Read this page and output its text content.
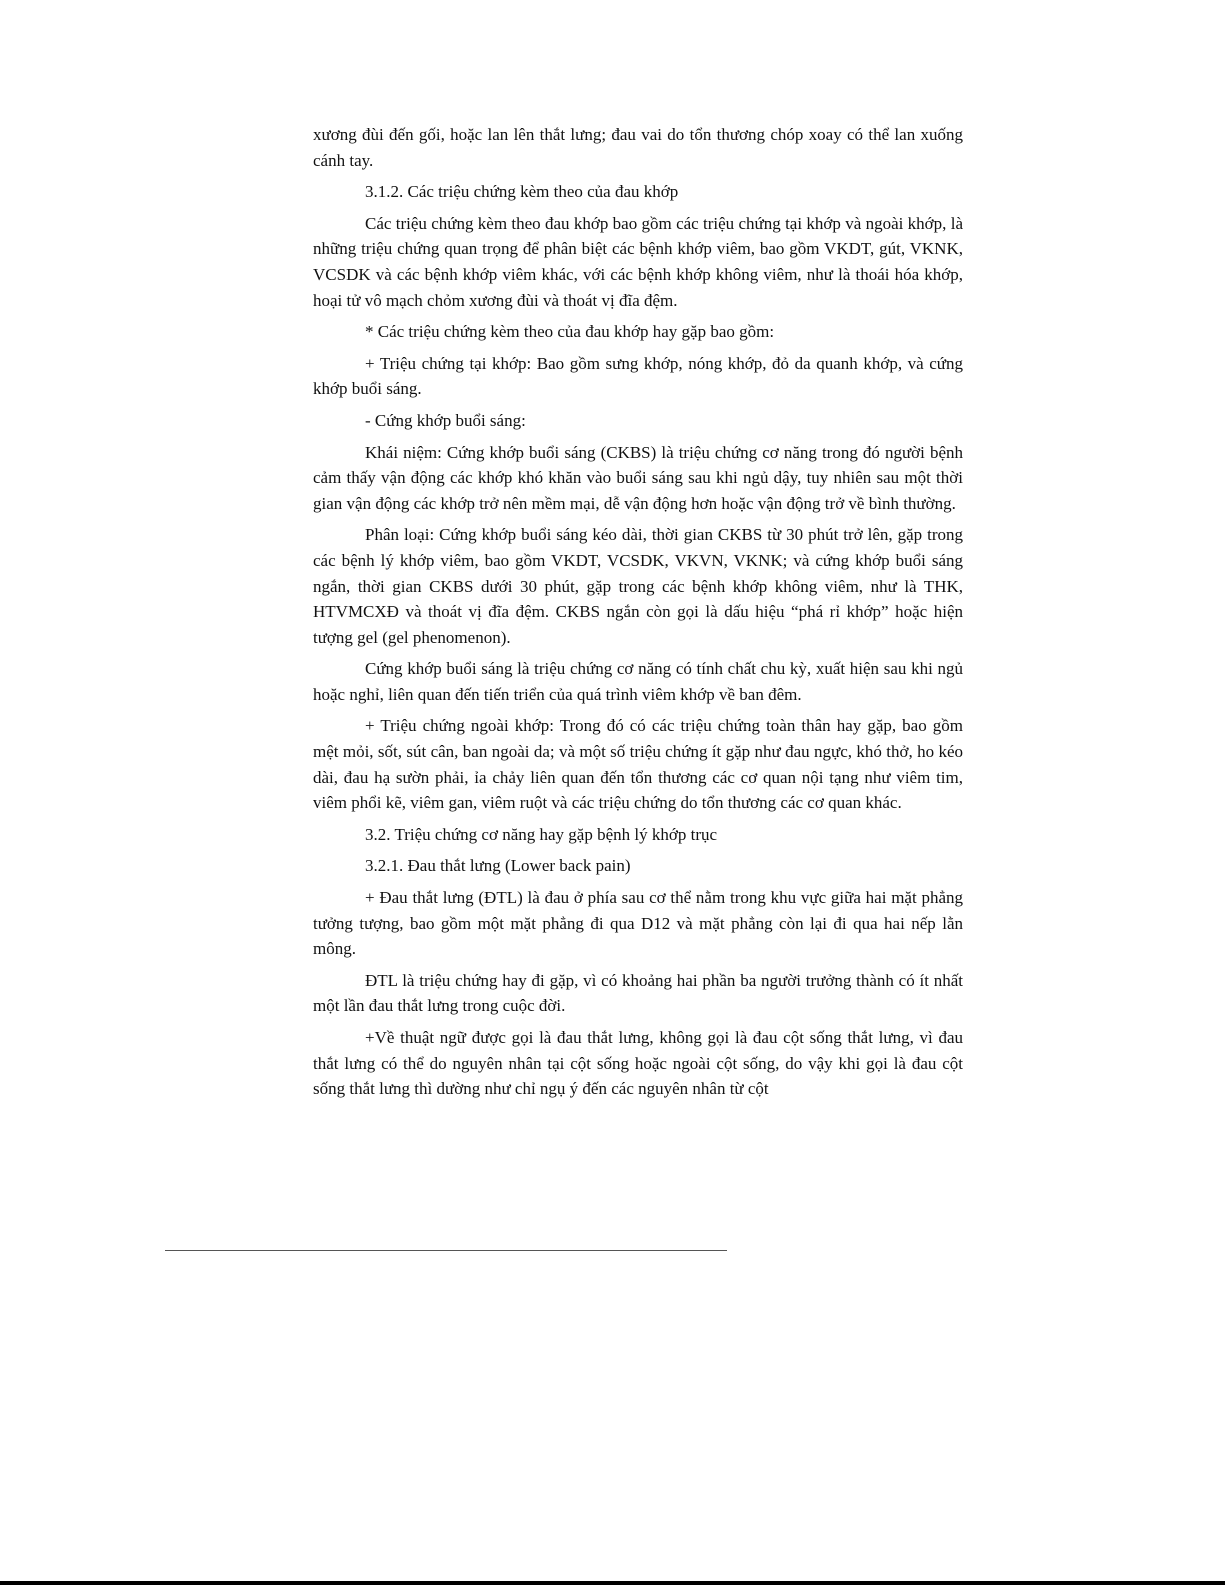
xương đùi đến gối, hoặc lan lên thắt lưng; đau vai do tổn thương chóp xoay có thể lan xuống cánh tay.

3.1.2. Các triệu chứng kèm theo của đau khớp

Các triệu chứng kèm theo đau khớp bao gồm các triệu chứng tại khớp và ngoài khớp, là những triệu chứng quan trọng để phân biệt các bệnh khớp viêm, bao gồm VKDT, gút, VKNK, VCSDK và các bệnh khớp viêm khác, với các bệnh khớp không viêm, như là thoái hóa khớp, hoại tử vô mạch chỏm xương đùi và thoát vị đĩa đệm.

* Các triệu chứng kèm theo của đau khớp hay gặp bao gồm:

+ Triệu chứng tại khớp: Bao gồm sưng khớp, nóng khớp, đỏ da quanh khớp, và cứng khớp buổi sáng.

- Cứng khớp buổi sáng:

Khái niệm: Cứng khớp buổi sáng (CKBS) là triệu chứng cơ năng trong đó người bệnh cảm thấy vận động các khớp khó khăn vào buổi sáng sau khi ngủ dậy, tuy nhiên sau một thời gian vận động các khớp trở nên mềm mại, dễ vận động hơn hoặc vận động trở về bình thường.

Phân loại: Cứng khớp buổi sáng kéo dài, thời gian CKBS từ 30 phút trở lên, gặp trong các bệnh lý khớp viêm, bao gồm VKDT, VCSDK, VKVN, VKNK; và cứng khớp buổi sáng ngắn, thời gian CKBS dưới 30 phút, gặp trong các bệnh khớp không viêm, như là THK, HTVMCXĐ và thoát vị đĩa đệm. CKBS ngắn còn gọi là dấu hiệu “phá rỉ khớp” hoặc hiện tượng gel (gel phenomenon).

Cứng khớp buổi sáng là triệu chứng cơ năng có tính chất chu kỳ, xuất hiện sau khi ngủ hoặc nghỉ, liên quan đến tiến triển của quá trình viêm khớp về ban đêm.

+ Triệu chứng ngoài khớp: Trong đó có các triệu chứng toàn thân hay gặp, bao gồm mệt mỏi, sốt, sút cân, ban ngoài da; và một số triệu chứng ít gặp như đau ngực, khó thở, ho kéo dài, đau hạ sườn phải, ỉa chảy liên quan đến tổn thương các cơ quan nội tạng như viêm tim, viêm phổi kẽ, viêm gan, viêm ruột và các triệu chứng do tổn thương các cơ quan khác.

3.2. Triệu chứng cơ năng hay gặp bệnh lý khớp trục

3.2.1. Đau thắt lưng (Lower back pain)

+ Đau thắt lưng (ĐTL) là đau ở phía sau cơ thể nằm trong khu vực giữa hai mặt phẳng tưởng tượng, bao gồm một mặt phẳng đi qua D12 và mặt phẳng còn lại đi qua hai nếp lằn mông.

ĐTL là triệu chứng hay đi gặp, vì có khoảng hai phần ba người trưởng thành có ít nhất một lần đau thắt lưng trong cuộc đời.

+Về thuật ngữ được gọi là đau thắt lưng, không gọi là đau cột sống thắt lưng, vì đau thắt lưng có thể do nguyên nhân tại cột sống hoặc ngoài cột sống, do vậy khi gọi là đau cột sống thắt lưng thì dường như chỉ ngụ ý đến các nguyên nhân từ cột
